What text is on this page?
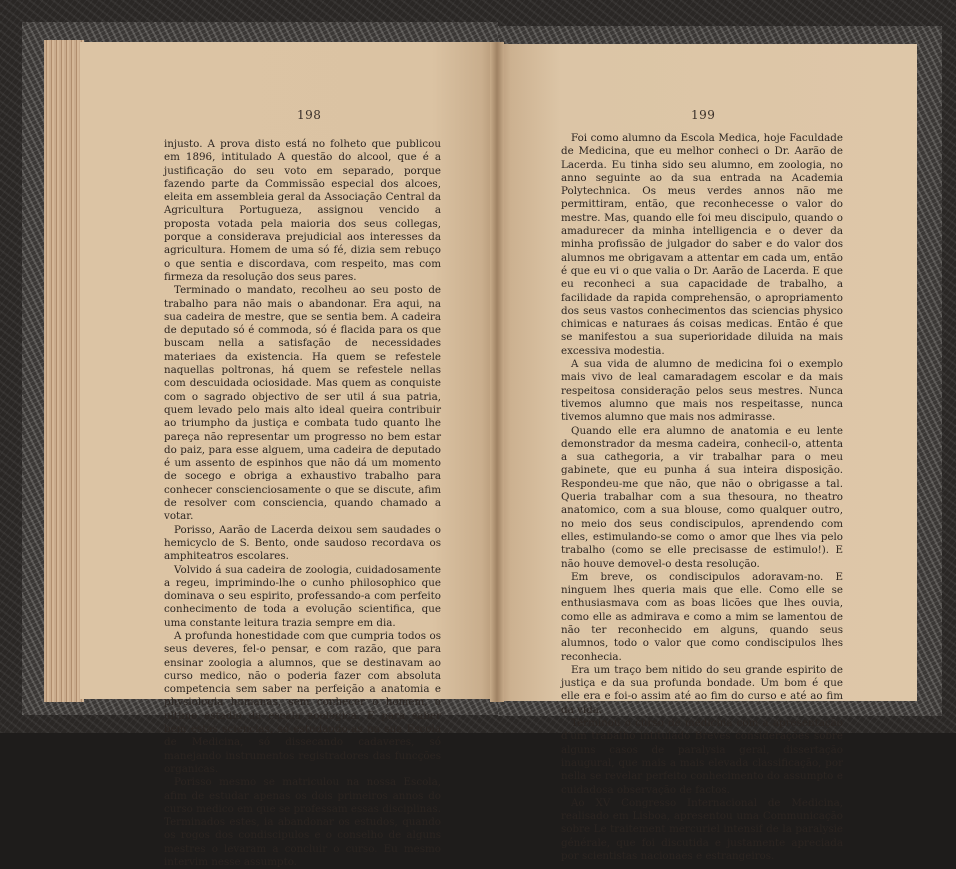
198

injusto. A prova disto está no folheto que publicou em 1896, intitulado A questão do alcool, que é a justificação do seu voto em separado, porque fazendo parte da Commissão especial dos alcoes, eleita em assembleia geral da Associação Central da Agricultura Portugueza, assignou vencido a proposta votada pela maioria dos seus collegas, porque a considerava prejudicial aos interesses da agricultura. Homem de uma só fé, dizia sem rebuço o que sentia e discordava, com respeito, mas com firmeza da resolução dos seus pares.

Terminado o mandato, recolheu ao seu posto de trabalho para não mais o abandonar. Era aqui, na sua cadeira de mestre, que se sentia bem. A cadeira de deputado só é commoda, só é flacida para os que buscam nella a satisfação de necessidades materiaes da existencia. Ha quem se refestele naquellas poltronas, há quem se refestele nellas com descuidada ociosidade. Mas quem as conquiste com o sagrado objectivo de ser util á sua patria, quem levado pelo mais alto ideal queira contribuir ao triumpho da justiça e combata tudo quanto lhe pareça não representar um progresso no bem estar do paiz, para esse alguem, uma cadeira de deputado é um assento de espinhos que não dá um momento de socego e obriga a exhaustivo trabalho para conhecer conscienciosamente o que se discute, afim de resolver com consciencia, quando chamado a votar.

Porisso, Aarão de Lacerda deixou sem saudades o hemicyclo de S. Bento, onde saudoso recordava os amphiteatros escolares.

Volvido á sua cadeira de zoologia, cuidadosamente a regeu, imprimindo-lhe o cunho philosophico que dominava o seu espirito, professando-a com perfeito conhecimento de toda a evolução scientifica, que uma constante leitura trazia sempre em dia.

A profunda honestidade com que cumpria todos os seus deveres, fel-o pensar, e com razão, que para ensinar zoologia a alumnos, que se destinavam ao curso medico, não o poderia fazer com absoluta competencia sem saber na perfeição a anatomia e physiologia humanas, sem conhecer o homem, o ultimo estadio da escala zoologica. E para saber bem estas sciencias, só estudando-as na sua Escola de Medicina, só dissecando cadaveres, só manejando instrumentos registradores das funcções organicas.

Porisso mesmo se matriculou na nossa Escola, afim de estudar apenas os dois primeiros annos do curso medico em que se professam essas disciplinas. Terminados estes, ia abandonar os estudos, quando os rogos dos condiscipulos e o conselho de alguns mestres o levaram a concluir o curso. Eu mesmo intervim nesse assumpto.

199

Foi como alumno da Escola Medica, hoje Faculdade de Medicina, que eu melhor conheci o Dr. Aarão de Lacerda. Eu tinha sido seu alumno, em zoologia, no anno seguinte ao da sua entrada na Academia Polytechnica. Os meus verdes annos não me permittiram, então, que reconhecesse o valor do mestre. Mas, quando elle foi meu discipulo, quando o amadurecer da minha intelligencia e o dever da minha profissão de julgador do saber e do valor dos alumnos me obrigavam a attentar em cada um, então é que eu vi o que valia o Dr. Aarão de Lacerda. E que eu reconheci a sua capacidade de trabalho, a facilidade da rapida comprehensão, o apropriamento dos seus vastos conhecimentos das sciencias physico chimicas e naturaes ás coisas medicas. Então é que se manifestou a sua superioridade diluida na mais excessiva modestia.

A sua vida de alumno de medicina foi o exemplo mais vivo de leal camaradagem escolar e da mais respeitosa consideração pelos seus mestres. Nunca tivemos alumno que mais nos respeitasse, nunca tivemos alumno que mais nos admirasse.

Quando elle era alumno de anatomia e eu lente demonstrador da mesma cadeira, conhecil-o, attenta a sua cathegoria, a vir trabalhar para o meu gabinete, que eu punha á sua inteira disposição. Respondeu-me que não, que não o obrigasse a tal. Queria trabalhar com a sua thesoura, no theatro anatomico, com a sua blouse, como qualquer outro, no meio dos seus condiscipulos, aprendendo com elles, estimulando-se como o amor que lhes via pelo trabalho (como se elle precisasse de estimulo!). E não houve demovel-o desta resolução.

Em breve, os condiscipulos adoravam-no. E ninguem lhes queria mais que elle. Como elle se enthusiasmava com as boas licões que lhes ouvia, como elle as admirava e como a mim se lamentou de não ter reconhecido em alguns, quando seus alumnos, todo o valor que como condiscipulos lhes reconhecia.

Era um traço bem nitido do seu grande espirito de justiça e da sua profunda bondade. Um bom é que elle era e foi-o assim até ao fim do curso e até ao fim da vida.

Terminou o curso de medicina com a apresentação d'um trabalho intitulado Breves considerações sobre alguns casos de paralysia geral, dissertação inaugural, que mais a mais elevada classificação, por nella se revelar perfeito conhecimento do assumpto e cuidadosa observação de factos.

Ao XV Congresso Internacional de Medicina, realisado em Lisboa, apresentou uma Communicação sobre Le traitement mercuriel intensif de la paralysie générale, que foi discutida e justamente apreciada por scientistas nacionaes e estrangeiros.
